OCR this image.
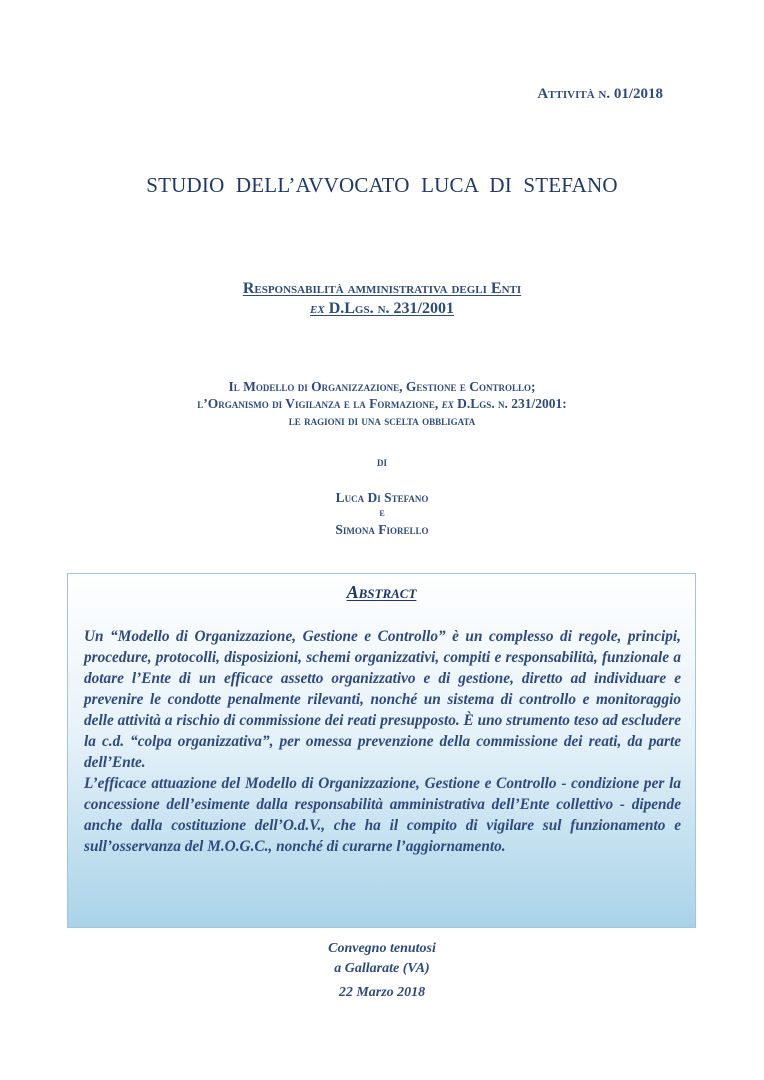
Attività n. 01/2018
STUDIO DELL’AVVOCATO LUCA DI STEFANO
Responsabilità amministrativa degli Enti
ex D.Lgs. n. 231/2001
Il Modello di Organizzazione, Gestione e Controllo;
l’Organismo di Vigilanza e la Formazione, ex D.Lgs. n. 231/2001:
le ragioni di una scelta obbligata
di
Luca Di Stefano
e
Simona Fiorello
Abstract

Un “Modello di Organizzazione, Gestione e Controllo” è un complesso di regole, principi, procedure, protocolli, disposizioni, schemi organizzativi, compiti e responsabilità, funzionale a dotare l’Ente di un efficace assetto organizzativo e di gestione, diretto ad individuare e prevenire le condotte penalmente rilevanti, nonché un sistema di controllo e monitoraggio delle attività a rischio di commissione dei reati presupposto. È uno strumento teso ad escludere la c.d. “colpa organizzativa”, per omessa prevenzione della commissione dei reati, da parte dell’Ente.

L’efficace attuazione del Modello di Organizzazione, Gestione e Controllo - condizione per la concessione dell’esimente dalla responsabilità amministrativa dell’Ente collettivo - dipende anche dalla costituzione dell’O.d.V., che ha il compito di vigilare sul funzionamento e sull’osservanza del M.O.G.C., nonché di curarne l’aggiornamento.

Convegno tenutosi
a Gallarate (VA)
22 Marzo 2018
